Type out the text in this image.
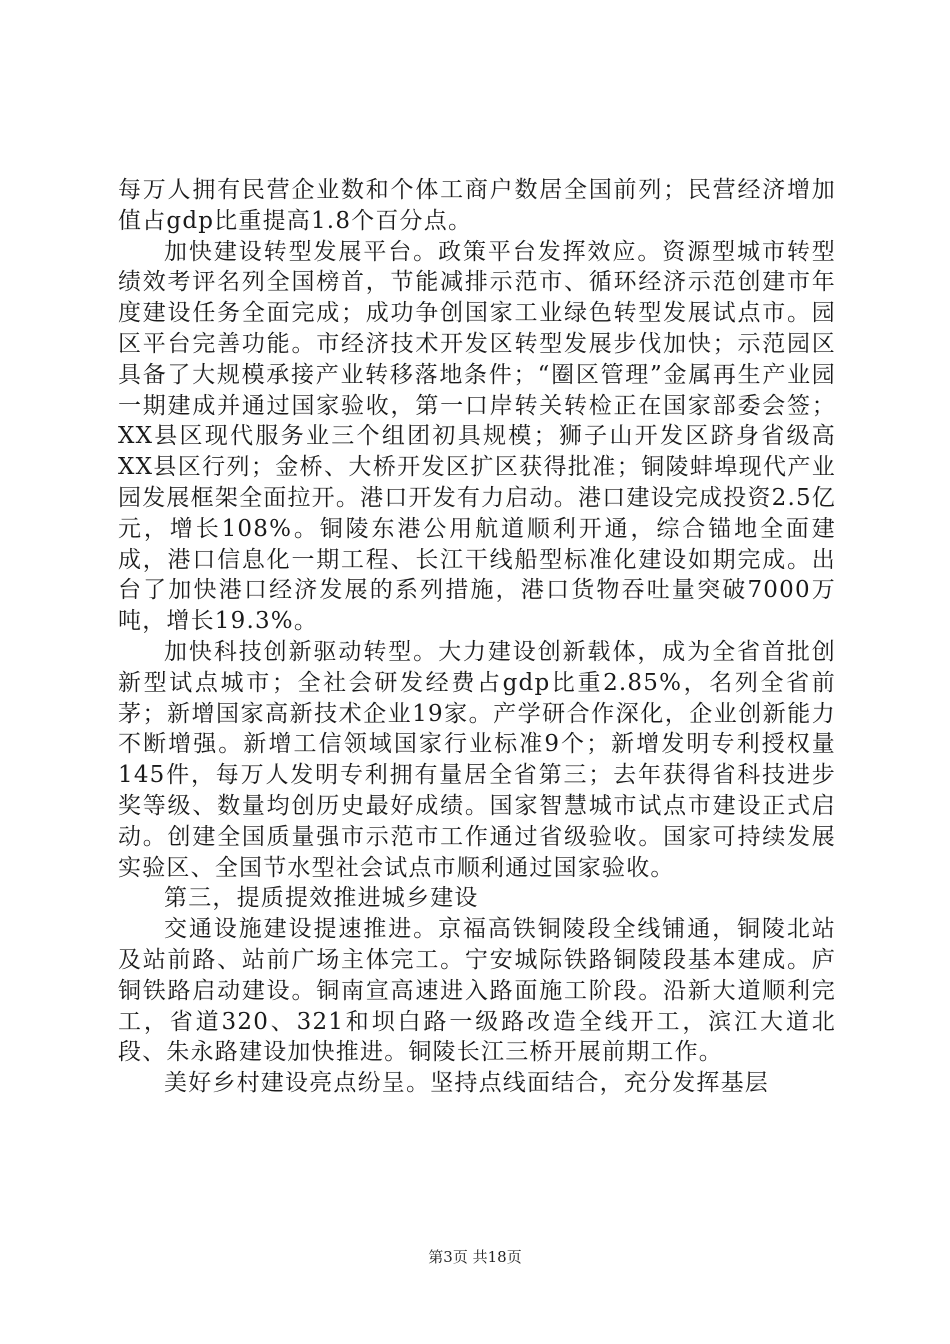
每万人拥有民营企业数和个体工商户数居全国前列；民营经济增加值占gdp比重提高1.8个百分点。

加快建设转型发展平台。政策平台发挥效应。资源型城市转型绩效考评名列全国榜首，节能减排示范市、循环经济示范创建市年度建设任务全面完成；成功争创国家工业绿色转型发展试点市。园区平台完善功能。市经济技术开发区转型发展步伐加快；示范园区具备了大规模承接产业转移落地条件；“圈区管理”金属再生产业园一期建成并通过国家验收，第一口岸转关转检正在国家部委会签；XX县区现代服务业三个组团初具规模；狮子山开发区跻身省级高XX县区行列；金桥、大桥开发区扩区获得批准；铜陵蚌埠现代产业园发展框架全面拉开。港口开发有力启动。港口建设完成投资2.5亿元，增长108%。铜陵东港公用航道顺利开通，综合锚地全面建成，港口信息化一期工程、长江干线船型标准化建设如期完成。出台了加快港口经济发展的系列措施，港口货物吞吐量突破7000万吨，增长19.3%。

加快科技创新驱动转型。大力建设创新载体，成为全省首批创新型试点城市；全社会研发经费占gdp比重2.85%，名列全省前茅；新增国家高新技术企业19家。产学研合作深化，企业创新能力不断增强。新增工信领域国家行业标准9个；新增发明专利授权量145件，每万人发明专利拥有量居全省第三；去年获得省科技进步奖等级、数量均创历史最好成绩。国家智慧城市试点市建设正式启动。创建全国质量强市示范市工作通过省级验收。国家可持续发展实验区、全国节水型社会试点市顺利通过国家验收。

第三，提质提效推进城乡建设

交通设施建设提速推进。京福高铁铜陵段全线铺通，铜陵北站及站前路、站前广场主体完工。宁安城际铁路铜陵段基本建成。庐铜铁路启动建设。铜南宣高速进入路面施工阶段。沿新大道顺利完工，省道320、321和坝白路一级路改造全线开工，滨江大道北段、朱永路建设加快推进。铜陵长江三桥开展前期工作。

美好乡村建设亮点纷呈。坚持点线面结合，充分发挥基层

第3页 共18页
